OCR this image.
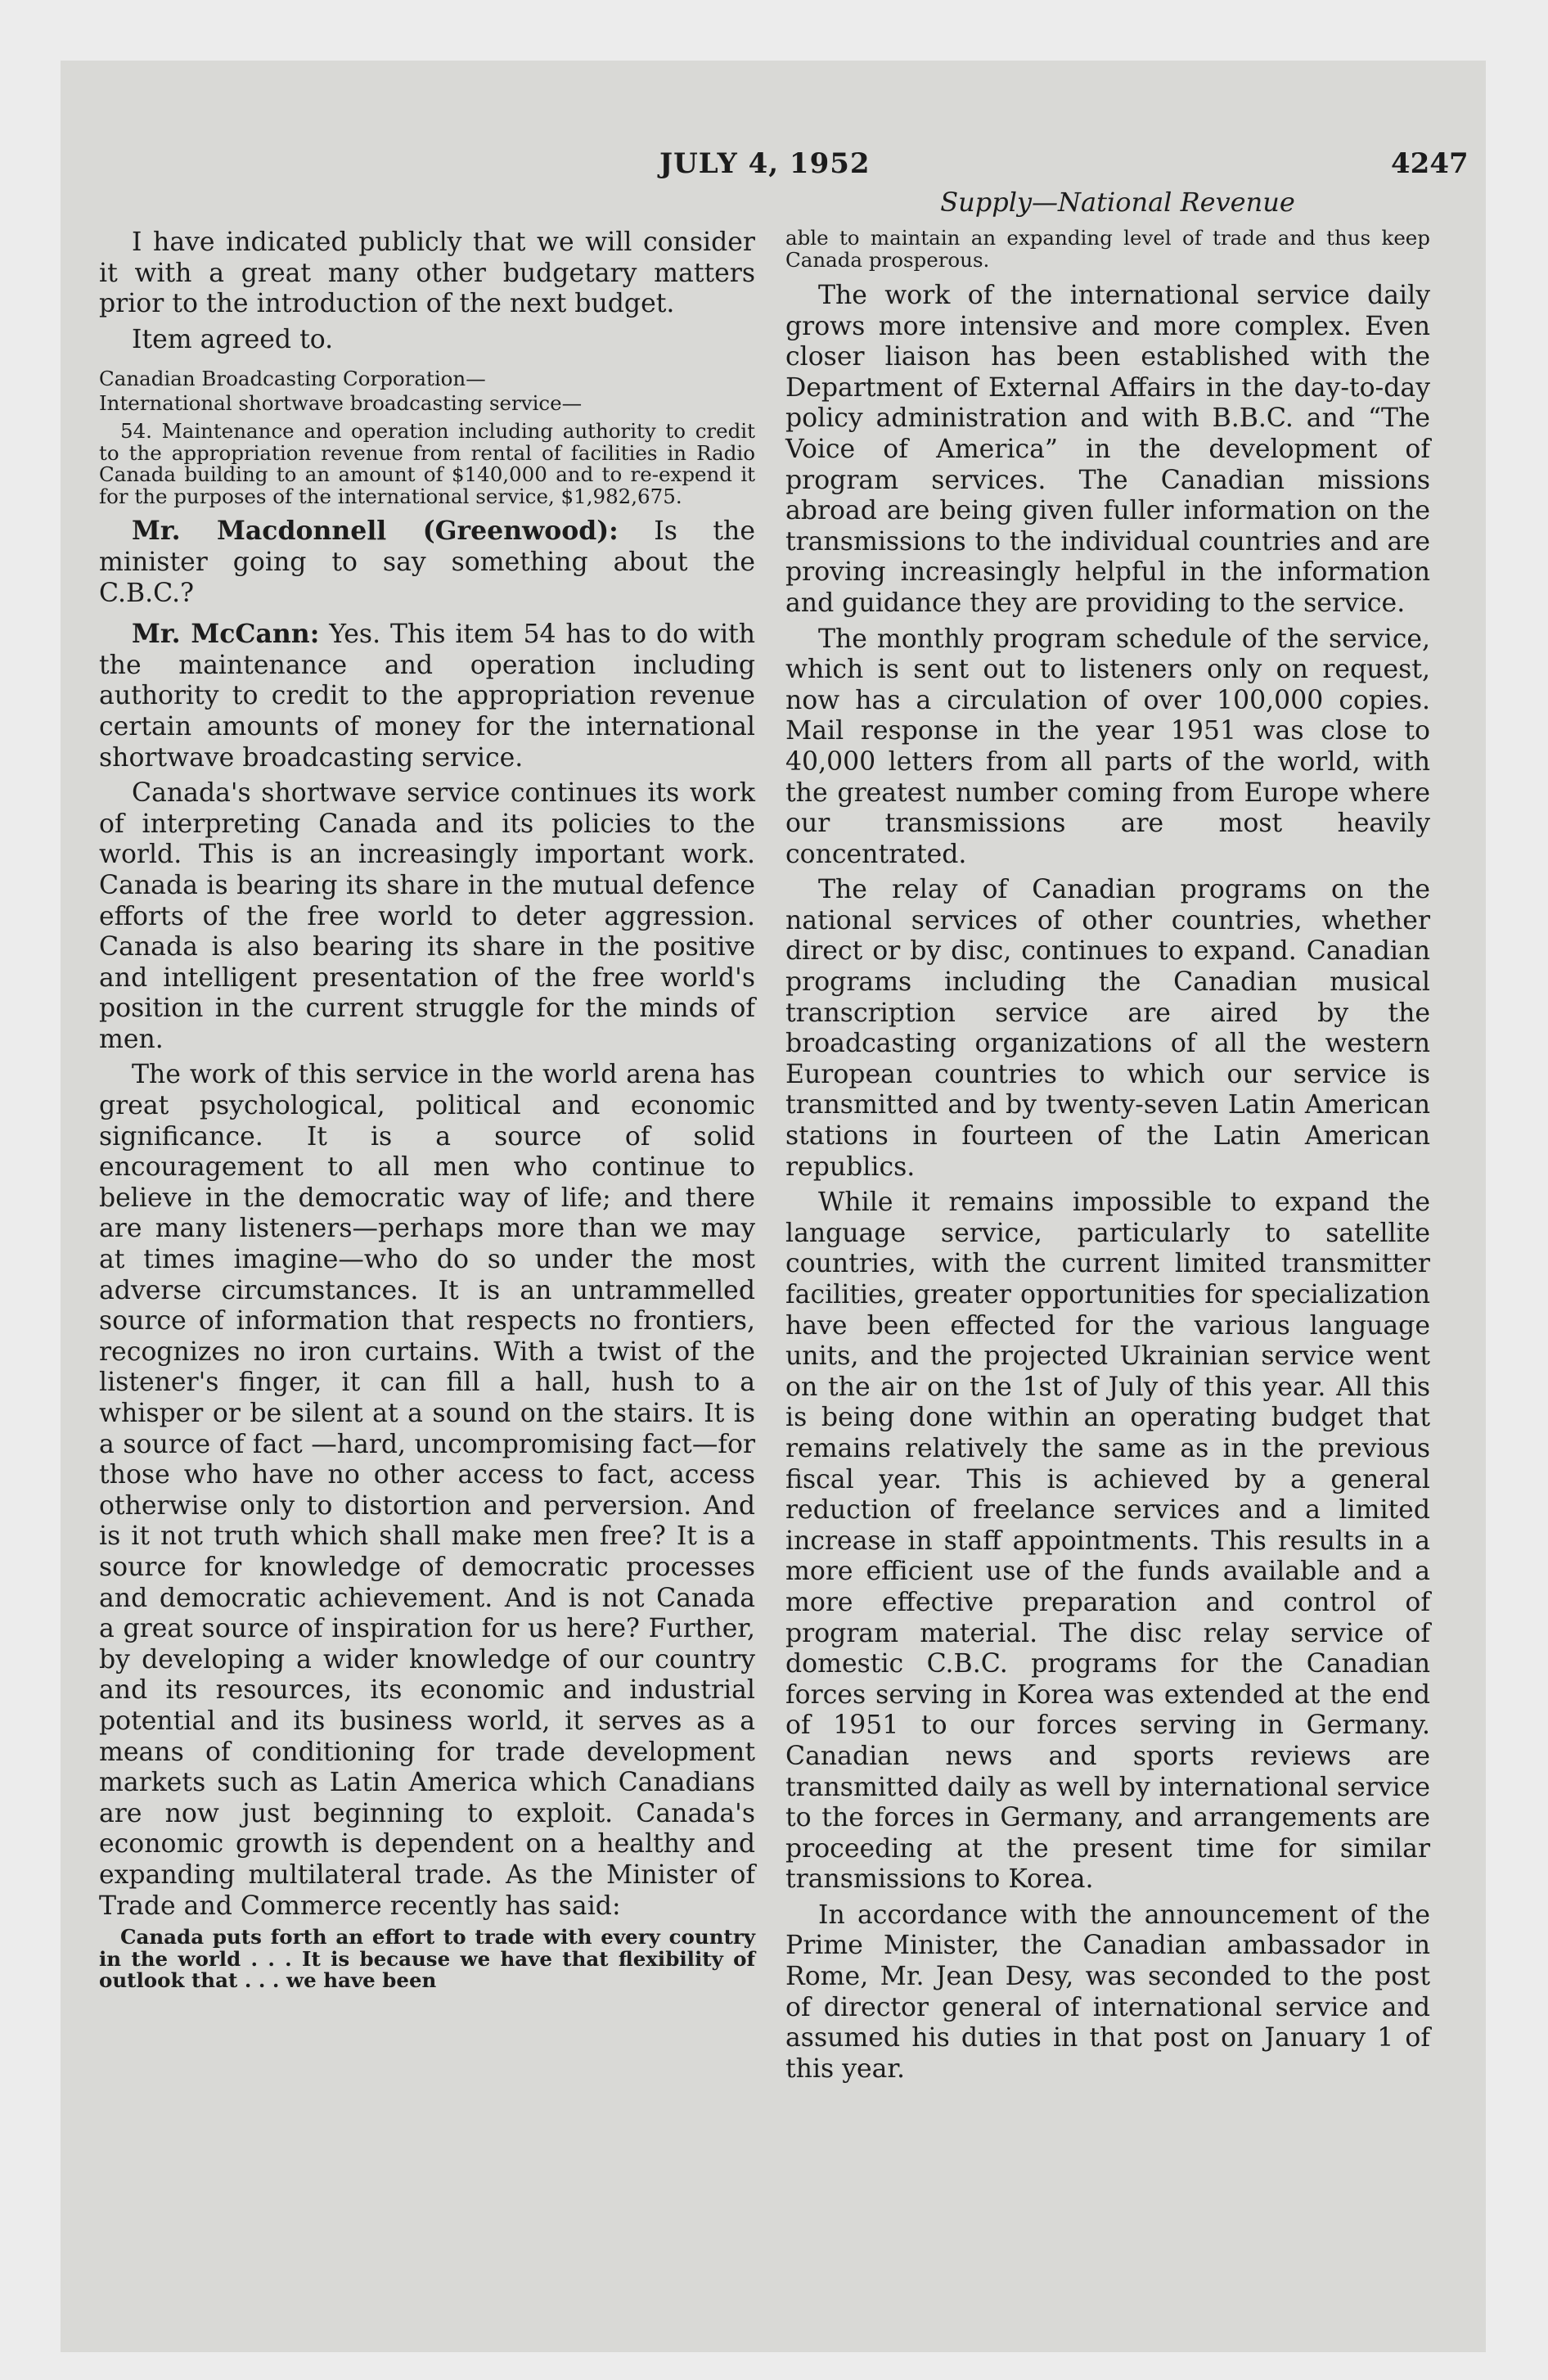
JULY 4, 1952	4247
Supply—National Revenue

I have indicated publicly that we will consider it with a great many other budgetary matters prior to the introduction of the next budget.

Item agreed to.

Canadian Broadcasting Corporation—

International shortwave broadcasting service—

54. Maintenance and operation including authority to credit to the appropriation revenue from rental of facilities in Radio Canada building to an amount of $140,000 and to re-expend it for the purposes of the international service, $1,982,675.

Mr. Macdonnell (Greenwood): Is the minister going to say something about the C.B.C.?

Mr. McCann: Yes. This item 54 has to do with the maintenance and operation including authority to credit to the appropriation revenue certain amounts of money for the international shortwave broadcasting service.

Canada's shortwave service continues its work of interpreting Canada and its policies to the world. This is an increasingly important work. Canada is bearing its share in the mutual defence efforts of the free world to deter aggression. Canada is also bearing its share in the positive and intelligent presentation of the free world's position in the current struggle for the minds of men.

The work of this service in the world arena has great psychological, political and economic significance. It is a source of solid encouragement to all men who continue to believe in the democratic way of life; and there are many listeners—perhaps more than we may at times imagine—who do so under the most adverse circumstances. It is an untrammelled source of information that respects no frontiers, recognizes no iron curtains. With a twist of the listener's finger, it can fill a hall, hush to a whisper or be silent at a sound on the stairs. It is a source of fact —hard, uncompromising fact—for those who have no other access to fact, access otherwise only to distortion and perversion. And is it not truth which shall make men free? It is a source for knowledge of democratic processes and democratic achievement. And is not Canada a great source of inspiration for us here? Further, by developing a wider knowledge of our country and its resources, its economic and industrial potential and its business world, it serves as a means of conditioning for trade development markets such as Latin America which Canadians are now just beginning to exploit. Canada's economic growth is dependent on a healthy and expanding multilateral trade. As the Minister of Trade and Commerce recently has said:

Canada puts forth an effort to trade with every country in the world . . . It is because we have that flexibility of outlook that . . . we have been

able to maintain an expanding level of trade and thus keep Canada prosperous.

The work of the international service daily grows more intensive and more complex. Even closer liaison has been established with the Department of External Affairs in the day-to-day policy administration and with B.B.C. and “The Voice of America” in the development of program services. The Canadian missions abroad are being given fuller information on the transmissions to the individual countries and are proving increasingly helpful in the information and guidance they are providing to the service.

The monthly program schedule of the service, which is sent out to listeners only on request, now has a circulation of over 100,000 copies. Mail response in the year 1951 was close to 40,000 letters from all parts of the world, with the greatest number coming from Europe where our transmissions are most heavily concentrated.

The relay of Canadian programs on the national services of other countries, whether direct or by disc, continues to expand. Canadian programs including the Canadian musical transcription service are aired by the broadcasting organizations of all the western European countries to which our service is transmitted and by twenty-seven Latin American stations in fourteen of the Latin American republics.

While it remains impossible to expand the language service, particularly to satellite countries, with the current limited transmitter facilities, greater opportunities for specialization have been effected for the various language units, and the projected Ukrainian service went on the air on the 1st of July of this year. All this is being done within an operating budget that remains relatively the same as in the previous fiscal year. This is achieved by a general reduction of freelance services and a limited increase in staff appointments. This results in a more efficient use of the funds available and a more effective preparation and control of program material. The disc relay service of domestic C.B.C. programs for the Canadian forces serving in Korea was extended at the end of 1951 to our forces serving in Germany. Canadian news and sports reviews are transmitted daily as well by international service to the forces in Germany, and arrangements are proceeding at the present time for similar transmissions to Korea.

In accordance with the announcement of the Prime Minister, the Canadian ambassador in Rome, Mr. Jean Desy, was seconded to the post of director general of international service and assumed his duties in that post on January 1 of this year.
